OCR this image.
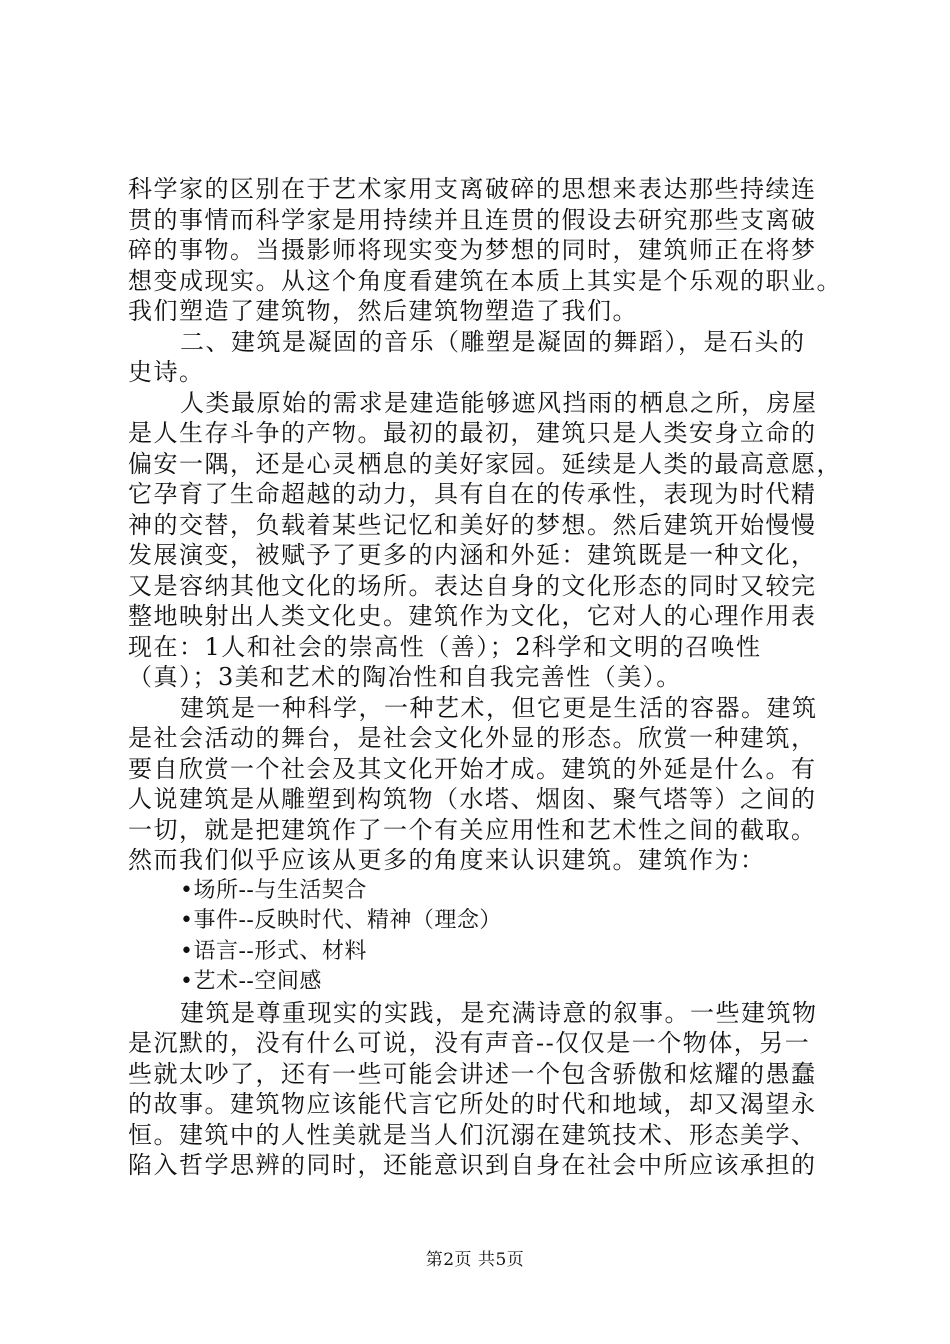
科学家的区别在于艺术家用支离破碎的思想来表达那些持续连
贯的事情而科学家是用持续并且连贯的假设去研究那些支离破
碎的事物。当摄影师将现实变为梦想的同时，建筑师正在将梦
想变成现实。从这个角度看建筑在本质上其实是个乐观的职业。
我们塑造了建筑物，然后建筑物塑造了我们。
二、建筑是凝固的音乐（雕塑是凝固的舞蹈），是石头的
史诗。
人类最原始的需求是建造能够遮风挡雨的栖息之所，房屋
是人生存斗争的产物。最初的最初，建筑只是人类安身立命的
偏安一隅，还是心灵栖息的美好家园。延续是人类的最高意愿，
它孕育了生命超越的动力，具有自在的传承性，表现为时代精
神的交替，负载着某些记忆和美好的梦想。然后建筑开始慢慢
发展演变，被赋予了更多的内涵和外延：建筑既是一种文化，
又是容纳其他文化的场所。表达自身的文化形态的同时又较完
整地映射出人类文化史。建筑作为文化，它对人的心理作用表
现在：1人和社会的崇高性（善）；2科学和文明的召唤性
（真）；3美和艺术的陶冶性和自我完善性（美）。
建筑是一种科学，一种艺术，但它更是生活的容器。建筑
是社会活动的舞台，是社会文化外显的形态。欣赏一种建筑，
要自欣赏一个社会及其文化开始才成。建筑的外延是什么。有
人说建筑是从雕塑到构筑物（水塔、烟囱、聚气塔等）之间的
一切，就是把建筑作了一个有关应用性和艺术性之间的截取。
然而我们似乎应该从更多的角度来认识建筑。建筑作为：
•场所--与生活契合
•事件--反映时代、精神（理念）
•语言--形式、材料
•艺术--空间感
建筑是尊重现实的实践，是充满诗意的叙事。一些建筑物
是沉默的，没有什么可说，没有声音--仅仅是一个物体，另一
些就太吵了，还有一些可能会讲述一个包含骄傲和炫耀的愚蠢
的故事。建筑物应该能代言它所处的时代和地域，却又渴望永
恒。建筑中的人性美就是当人们沉溺在建筑技术、形态美学、
陷入哲学思辨的同时，还能意识到自身在社会中所应该承担的
第2页 共5页
